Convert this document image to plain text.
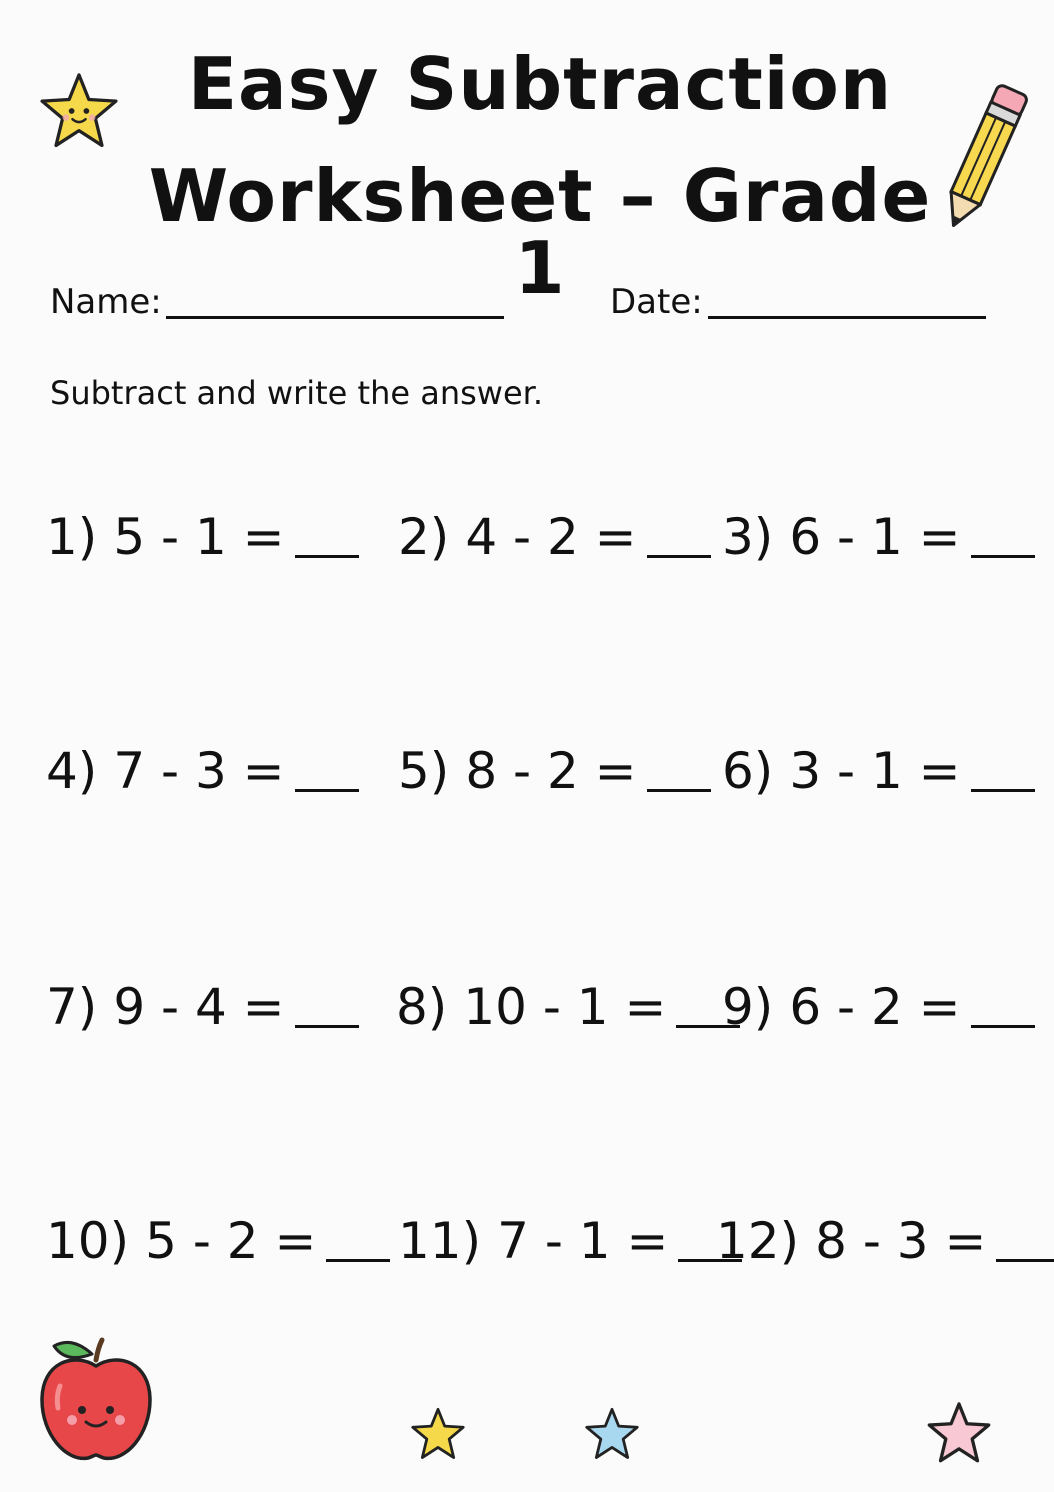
Easy Subtraction
Worksheet – Grade 1
Name:	Date:
Subtract and write the answer.
1) 5 - 1 = 2) 4 - 2 = 3) 6 - 1 =
4) 7 - 3 = 5) 8 - 2 = 6) 3 - 1 =
7) 9 - 4 = 8) 10 - 1 = 9) 6 - 2 =
10) 5 - 2 = 11) 7 - 1 = 12) 8 - 3 =
